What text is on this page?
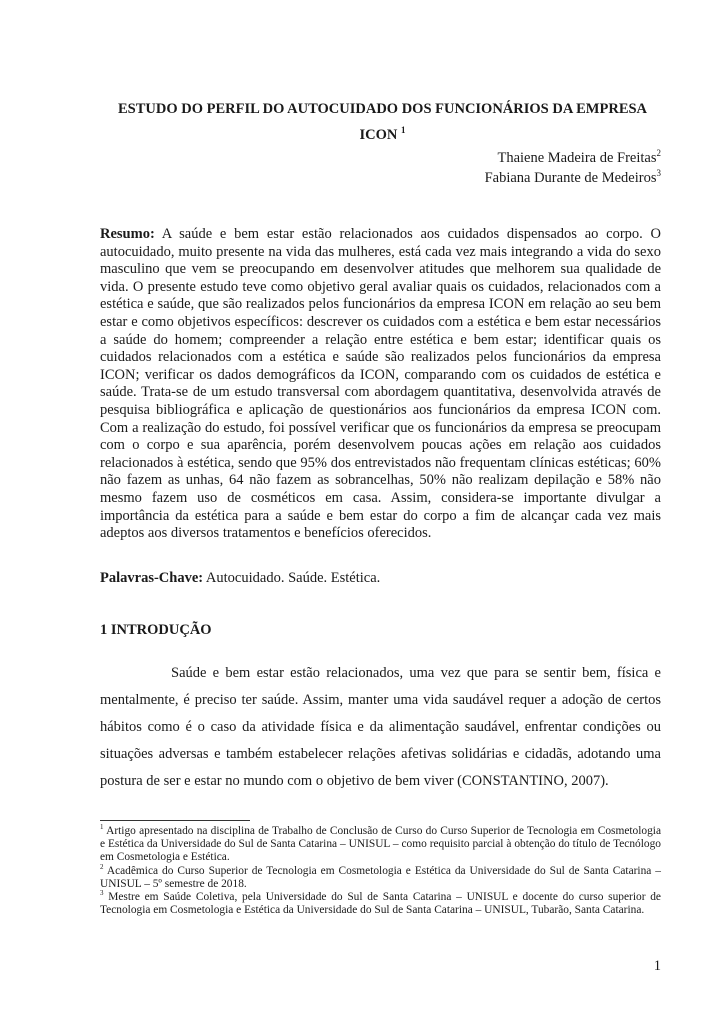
ESTUDO DO PERFIL DO AUTOCUIDADO DOS FUNCIONÁRIOS DA EMPRESA ICON $^1$
Thaiene Madeira de Freitas$^2$
Fabiana Durante de Medeiros$^3$
Resumo: A saúde e bem estar estão relacionados aos cuidados dispensados ao corpo. O autocuidado, muito presente na vida das mulheres, está cada vez mais integrando a vida do sexo masculino que vem se preocupando em desenvolver atitudes que melhorem sua qualidade de vida. O presente estudo teve como objetivo geral avaliar quais os cuidados, relacionados com a estética e saúde, que são realizados pelos funcionários da empresa ICON em relação ao seu bem estar e como objetivos específicos: descrever os cuidados com a estética e bem estar necessários a saúde do homem; compreender a relação entre estética e bem estar; identificar quais os cuidados relacionados com a estética e saúde são realizados pelos funcionários da empresa ICON; verificar os dados demográficos da ICON, comparando com os cuidados de estética e saúde. Trata-se de um estudo transversal com abordagem quantitativa, desenvolvida através de pesquisa bibliográfica e aplicação de questionários aos funcionários da empresa ICON com. Com a realização do estudo, foi possível verificar que os funcionários da empresa se preocupam com o corpo e sua aparência, porém desenvolvem poucas ações em relação aos cuidados relacionados à estética, sendo que 95% dos entrevistados não frequentam clínicas estéticas; 60% não fazem as unhas, 64 não fazem as sobrancelhas, 50% não realizam depilação e 58% não mesmo fazem uso de cosméticos em casa. Assim, considera-se importante divulgar a importância da estética para a saúde e bem estar do corpo a fim de alcançar cada vez mais adeptos aos diversos tratamentos e benefícios oferecidos.
Palavras-Chave: Autocuidado. Saúde. Estética.
1 INTRODUÇÃO
Saúde e bem estar estão relacionados, uma vez que para se sentir bem, física e mentalmente, é preciso ter saúde. Assim, manter uma vida saudável requer a adoção de certos hábitos como é o caso da atividade física e da alimentação saudável, enfrentar condições ou situações adversas e também estabelecer relações afetivas solidárias e cidadãs, adotando uma postura de ser e estar no mundo com o objetivo de bem viver (CONSTANTINO, 2007).

$^1$ Artigo apresentado na disciplina de Trabalho de Conclusão de Curso do Curso Superior de Tecnologia em Cosmetologia e Estética da Universidade do Sul de Santa Catarina – UNISUL – como requisito parcial à obtenção do título de Tecnólogo em Cosmetologia e Estética.

$^2$ Acadêmica do Curso Superior de Tecnologia em Cosmetologia e Estética da Universidade do Sul de Santa Catarina – UNISUL – 5º semestre de 2018.

$^3$ Mestre em Saúde Coletiva, pela Universidade do Sul de Santa Catarina – UNISUL e docente do curso superior de Tecnologia em Cosmetologia e Estética da Universidade do Sul de Santa Catarina – UNISUL, Tubarão, Santa Catarina.

1
